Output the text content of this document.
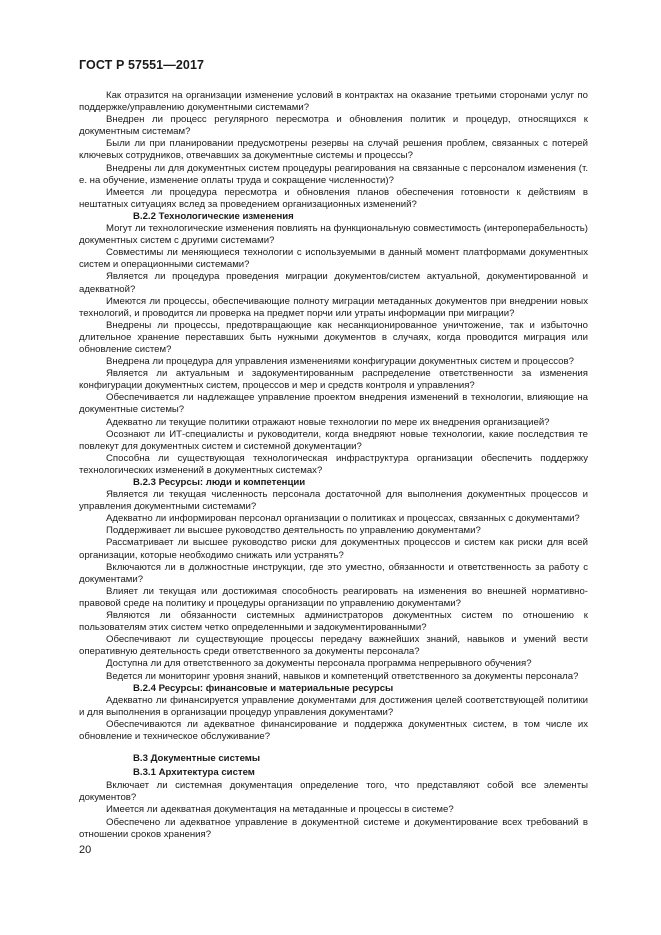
ГОСТ Р 57551—2017

Как отразится на организации изменение условий в контрактах на оказание третьими сторонами услуг по поддержке/управлению документными системами?

Внедрен ли процесс регулярного пересмотра и обновления политик и процедур, относящихся к документным системам?

Были ли при планировании предусмотрены резервы на случай решения проблем, связанных с потерей ключевых сотрудников, отвечавших за документные системы и процессы?

Внедрены ли для документных систем процедуры реагирования на связанные с персоналом изменения (т. е. на обучение, изменение оплаты труда и сокращение численности)?

Имеется ли процедура пересмотра и обновления планов обеспечения готовности к действиям в нештатных ситуациях вслед за проведением организационных изменений?

В.2.2 Технологические изменения

Могут ли технологические изменения повлиять на функциональную совместимость (интероперабельность) документных систем с другими системами?

Совместимы ли меняющиеся технологии с используемыми в данный момент платформами документных систем и операционными системами?

Является ли процедура проведения миграции документов/систем актуальной, документированной и адекватной?

Имеются ли процессы, обеспечивающие полноту миграции метаданных документов при внедрении новых технологий, и проводится ли проверка на предмет порчи или утраты информации при миграции?

Внедрены ли процессы, предотвращающие как несанкционированное уничтожение, так и избыточно длительное хранение переставших быть нужными документов в случаях, когда проводится миграция или обновление систем?

Внедрена ли процедура для управления изменениями конфигурации документных систем и процессов?

Является ли актуальным и задокументированным распределение ответственности за изменения конфигурации документных систем, процессов и мер и средств контроля и управления?

Обеспечивается ли надлежащее управление проектом внедрения изменений в технологии, влияющие на документные системы?

Адекватно ли текущие политики отражают новые технологии по мере их внедрения организацией?

Осознают ли ИТ-специалисты и руководители, когда внедряют новые технологии, какие последствия те повлекут для документных систем и системной документации?

Способна ли существующая технологическая инфраструктура организации обеспечить поддержку технологических изменений в документных системах?

В.2.3 Ресурсы: люди и компетенции

Является ли текущая численность персонала достаточной для выполнения документных процессов и управления документными системами?

Адекватно ли информирован персонал организации о политиках и процессах, связанных с документами?

Поддерживает ли высшее руководство деятельность по управлению документами?

Рассматривает ли высшее руководство риски для документных процессов и систем как риски для всей организации, которые необходимо снижать или устранять?

Включаются ли в должностные инструкции, где это уместно, обязанности и ответственность за работу с документами?

Влияет ли текущая или достижимая способность реагировать на изменения во внешней нормативно-правовой среде на политику и процедуры организации по управлению документами?

Являются ли обязанности системных администраторов документных систем по отношению к пользователям этих систем четко определенными и задокументированными?

Обеспечивают ли существующие процессы передачу важнейших знаний, навыков и умений вести оперативную деятельность среди ответственного за документы персонала?

Доступна ли для ответственного за документы персонала программа непрерывного обучения?

Ведется ли мониторинг уровня знаний, навыков и компетенций ответственного за документы персонала?

В.2.4 Ресурсы: финансовые и материальные ресурсы

Адекватно ли финансируется управление документами для достижения целей соответствующей политики и для выполнения в организации процедур управления документами?

Обеспечиваются ли адекватное финансирование и поддержка документных систем, в том числе их обновление и техническое обслуживание?

В.3 Документные системы

В.3.1 Архитектура систем

Включает ли системная документация определение того, что представляют собой все элементы документов?

Имеется ли адекватная документация на метаданные и процессы в системе?

Обеспечено ли адекватное управление в документной системе и документирование всех требований в отношении сроков хранения?

20
